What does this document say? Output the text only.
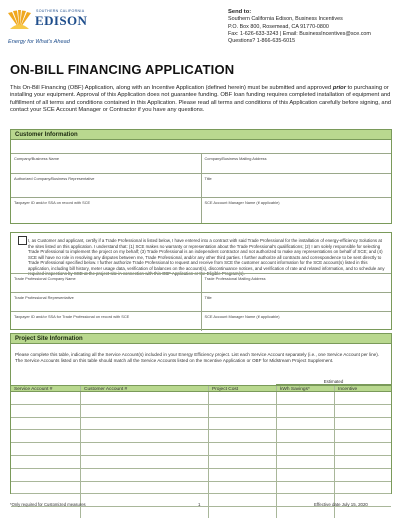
SOUTHERN CALIFORNIA
EDISON
Energy for What's Ahead
Send to:
Southern California Edison, Business Incentives
P.O. Box 800, Rosemead, CA 91770-0800
Fax: 1-626-633-3243 | Email: BusinessIncentives@sce.com
Questions? 1-866-635-6015
ON-BILL FINANCING APPLICATION

This On-Bill Financing (OBF) Application, along with an Incentive Application (defined herein) must be submitted and approved prior to purchasing or installing your equipment. Approval of this Application does not guarantee funding. OBF loan funding requires completed installation of equipment and fulfillment of all terms and conditions contained in this Application. Please read all terms and conditions of this Application carefully before signing, and contact your SCE Account Manager or Contractor if you have any questions.

Customer Information
Company/Business Name	Company/Business Mailing Address
Authorized Company/Business Representative	Title
Taxpayer ID and/or SSA on record with SCE	SCE Account Manager Name (if applicable)
I, as Customer and applicant, certify if a Trade Professional is listed below, I have entered into a contract with said Trade Professional for the installation of energy-efficiency Solutions at the sites listed on this application. I understand that: (1) SCE makes no warranty or representation about the Trade Professional's qualifications; (2) I am solely responsible for selecting Trade Professional to implement the project on my behalf; (3) Trade Professional is an independent contractor and not authorized to make any representations on behalf of SCE; and (4) SCE will have no role in resolving any disputes between me, Trade Professional, and/or any other third parties. I further authorize all contracts and correspondence to be sent directly to Trade Professional specified below. I further authorize Trade Professional to request and receive from SCE the customer account information for the SCE account(s) listed in this application, including bill history, meter usage data, verification of balances on the account(s), discontinuance notices, and verification of rate and related information, and to schedule any required inspections by SCE at the project site in connection with this OBF Application or the Eligible Program(s).
Trade Professional Company Name	Trade Professional Mailing Address
Trade Professional Representative	Title
Taxpayer ID and/or SSA for Trade Professional on record with SCE	SCE Account Manager Name (if applicable)
Project Site Information
Please complete this table, indicating all the Service Account(s) included in your Energy Efficiency project. List each Service Account separately (i.e., one Service Account per line). The Service Accounts listed on this table should match all the Service Accounts listed on the Incentive Application or OBF for Midstream Project Supplement.
Estimated
Service Account #	Customer Account #	Project Cost	kWh Savings*	Incentive
*Only required for Customized measures	1	Effective date July 15, 2020
